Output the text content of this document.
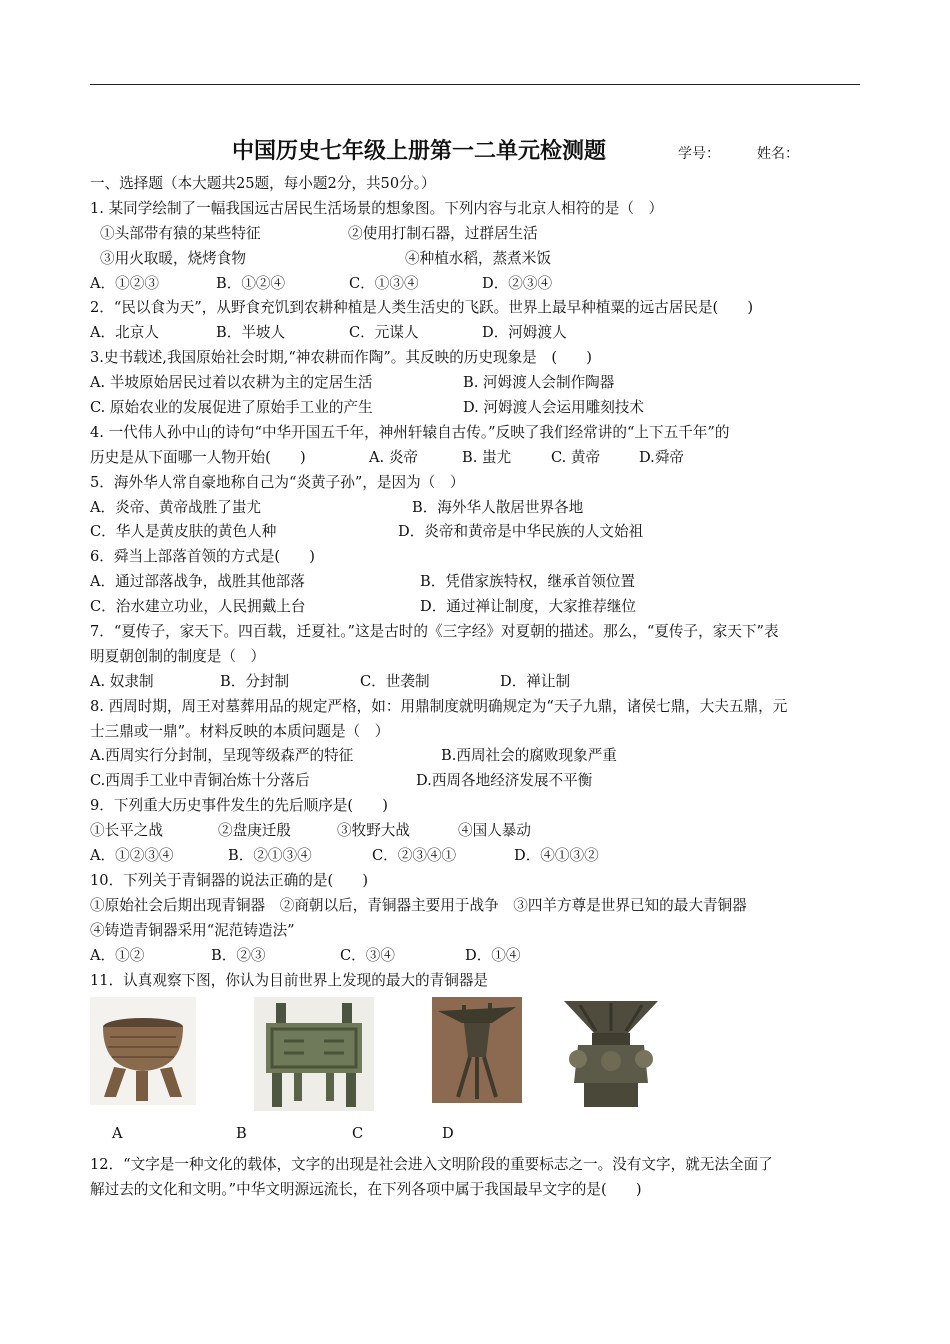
中国历史七年级上册第一二单元检测题	学号：	姓名：
一、选择题（本大题共25题，每小题2分，共50分。）
1. 某同学绘制了一幅我国远古居民生活场景的想象图。下列内容与北京人相符的是（　）
①头部带有猿的某些特征	②使用打制石器，过群居生活
③用火取暖，烧烤食物	④种植水稻，蒸煮米饭
A．①②③	B．①②④	C．①③④	D．②③④
2．“民以食为天”，从野食充饥到农耕种植是人类生活史的飞跃。世界上最早种植粟的远古居民是(　　)
A．北京人	B．半坡人	C．元谋人	D．河姆渡人
3.史书载述,我国原始社会时期,“神农耕而作陶”。其反映的历史现象是　(　　)
A. 半坡原始居民过着以农耕为主的定居生活	B. 河姆渡人会制作陶器
C. 原始农业的发展促进了原始手工业的产生	D. 河姆渡人会运用雕刻技术
4. 一代伟人孙中山的诗句“中华开国五千年，神州轩辕自古传。”反映了我们经常讲的“上下五千年”的
历史是从下面哪一人物开始(　　)	A. 炎帝	B. 蚩尤	C. 黄帝	D.舜帝
5．海外华人常自豪地称自己为“炎黄子孙”，是因为（　）
A．炎帝、黄帝战胜了蚩尤	B．海外华人散居世界各地
C．华人是黄皮肤的黄色人种	D．炎帝和黄帝是中华民族的人文始祖
6．舜当上部落首领的方式是(　　)
A．通过部落战争，战胜其他部落	B．凭借家族特权，继承首领位置
C．治水建立功业，人民拥戴上台	D．通过禅让制度，大家推荐继位
7．“夏传子，家天下。四百载，迁夏社。”这是古时的《三字经》对夏朝的描述。那么，“夏传子，家天下”表
明夏朝创制的制度是（　）
A. 奴隶制	B．分封制	C．世袭制	D．禅让制
8. 西周时期，周王对墓葬用品的规定严格，如：用鼎制度就明确规定为“天子九鼎，诸侯七鼎，大夫五鼎，元
士三鼎或一鼎”。材料反映的本质问题是（　）
A.西周实行分封制，呈现等级森严的特征	B.西周社会的腐败现象严重
C.西周手工业中青铜冶炼十分落后	D.西周各地经济发展不平衡
9．下列重大历史事件发生的先后顺序是(　　)
①长平之战	②盘庚迁殷	③牧野大战	④国人暴动
A．①②③④	B．②①③④	C．②③④①	D．④①③②
10．下列关于青铜器的说法正确的是(　　)
①原始社会后期出现青铜器　②商朝以后，青铜器主要用于战争　③四羊方尊是世界已知的最大青铜器
④铸造青铜器采用“泥范铸造法”
A．①②	B．②③	C．③④	D．①④
11．认真观察下图，你认为目前世界上发现的最大的青铜器是
A	B	C	D
12．“文字是一种文化的载体，文字的出现是社会进入文明阶段的重要标志之一。没有文字，就无法全面了
解过去的文化和文明。”中华文明源远流长，在下列各项中属于我国最早文字的是(　　)
